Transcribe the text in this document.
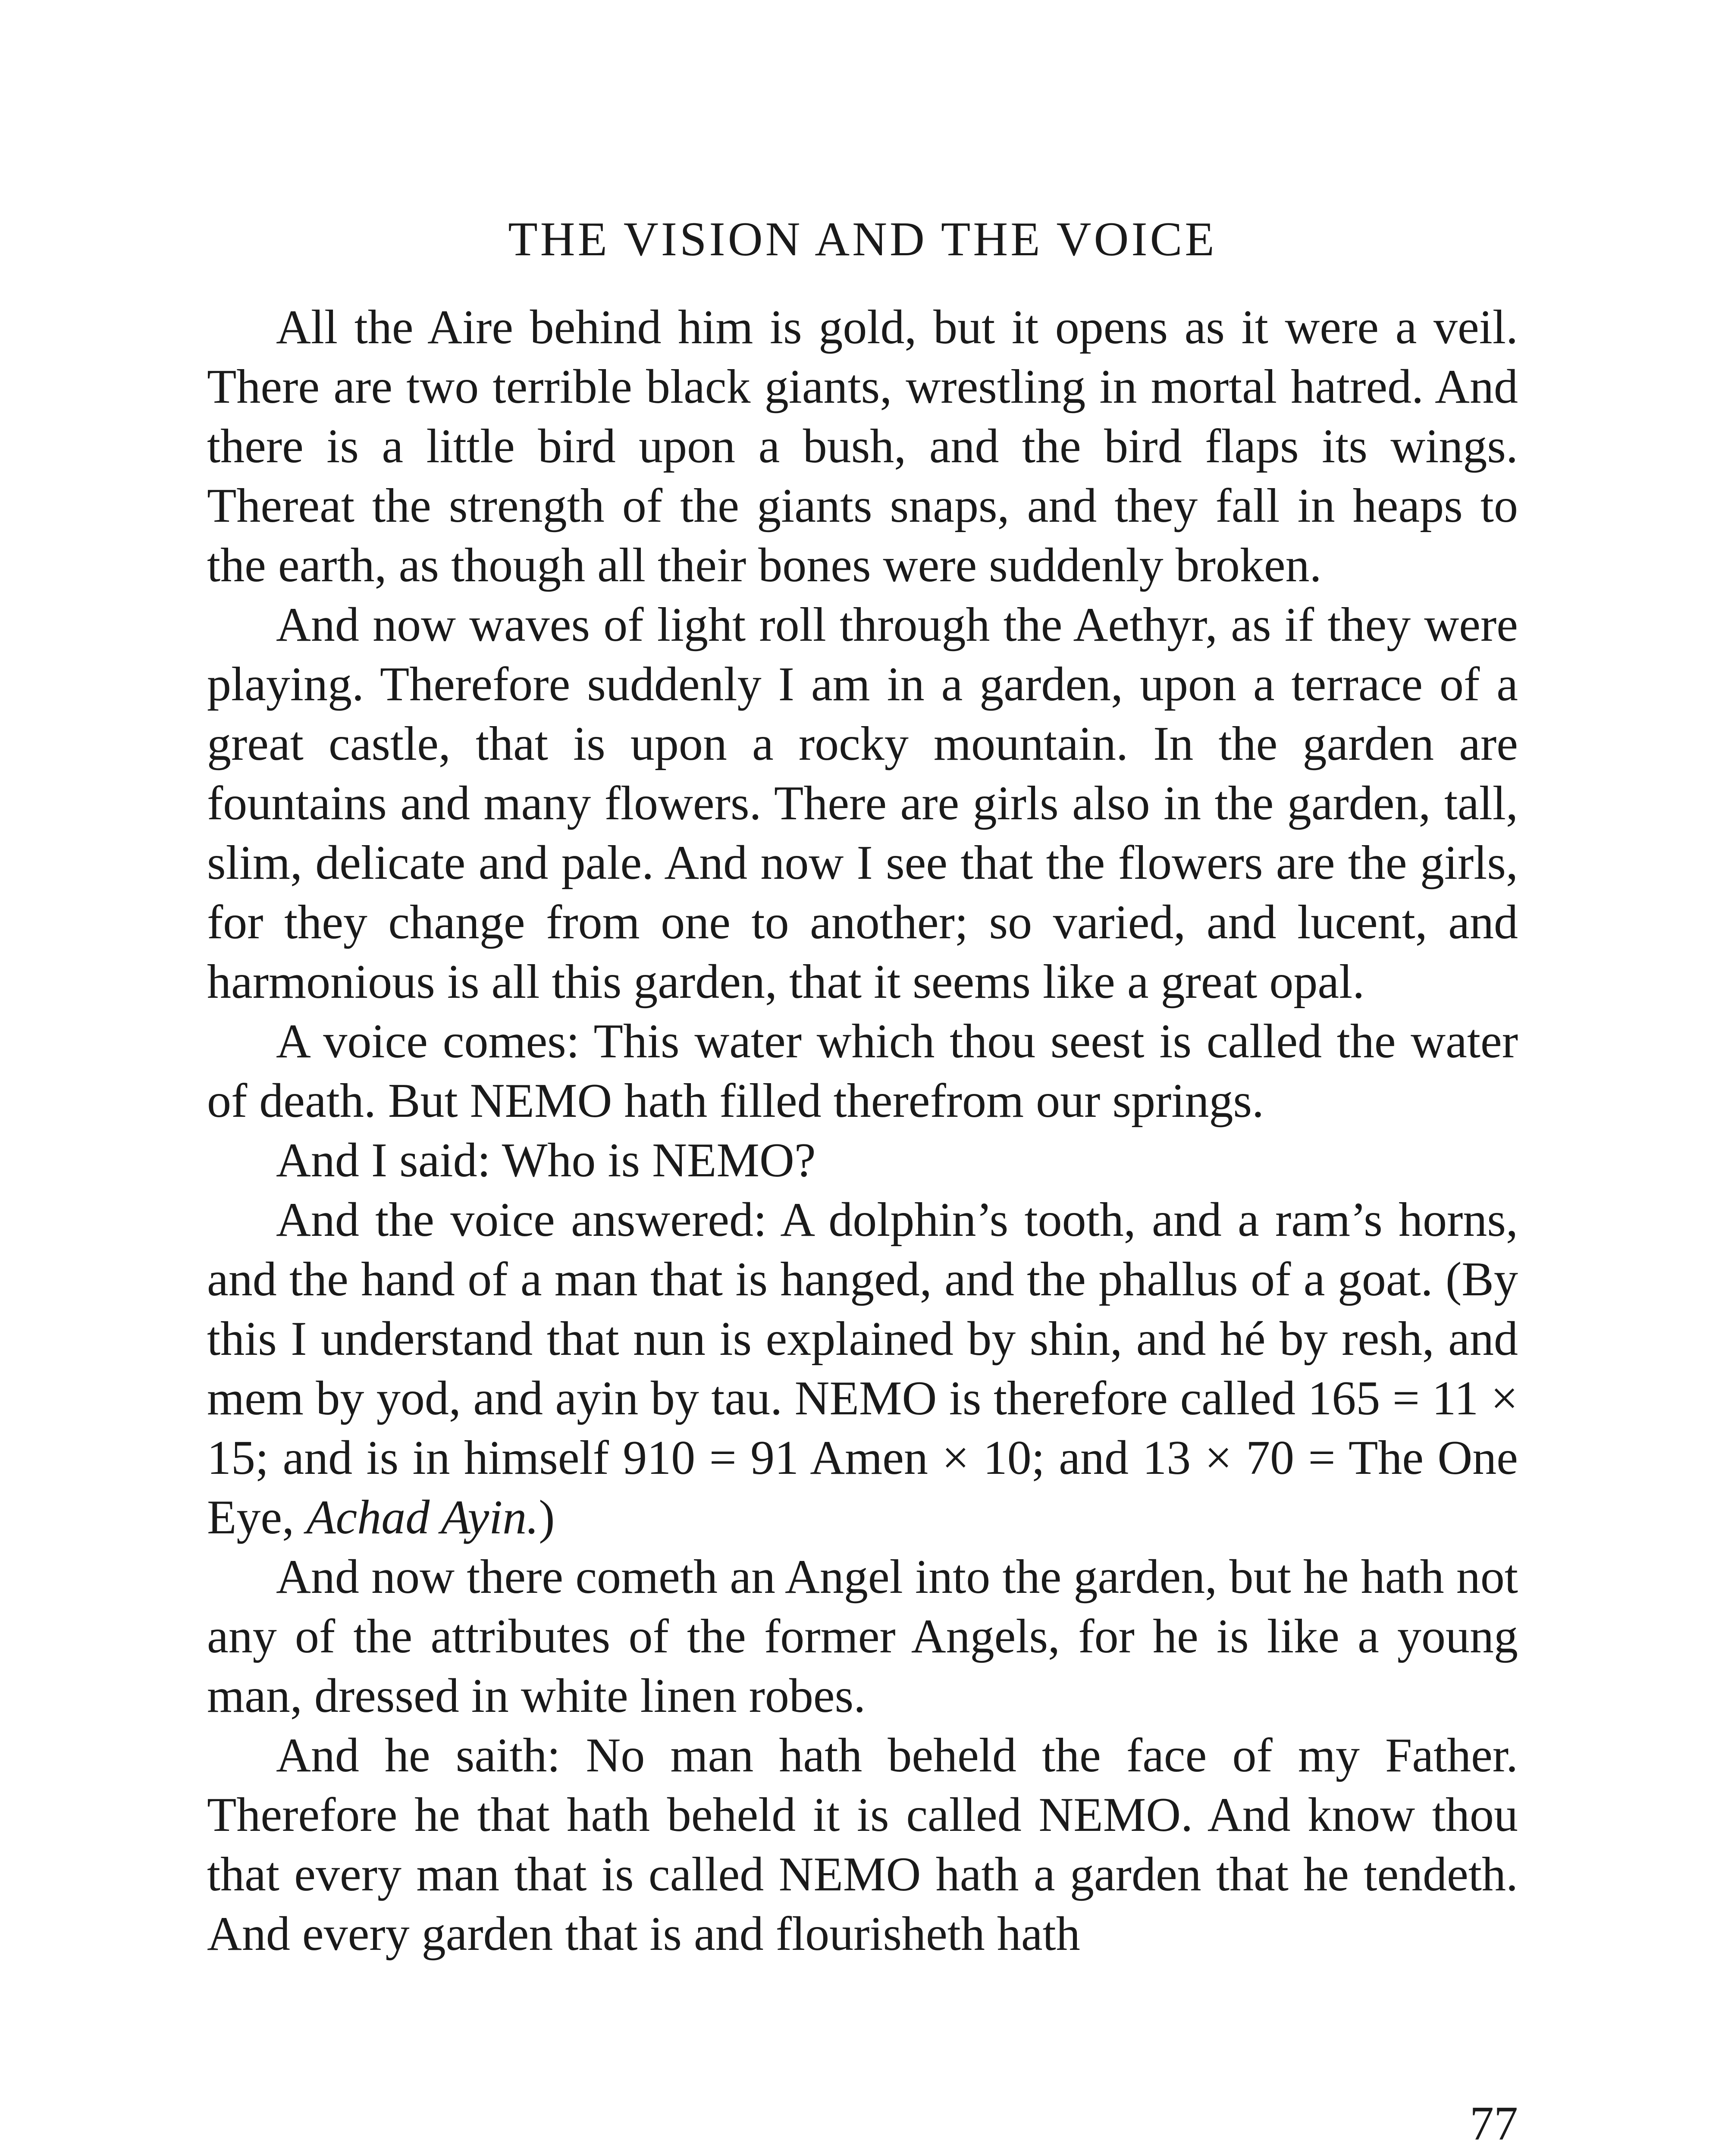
THE VISION AND THE VOICE

All the Aire behind him is gold, but it opens as it were a veil. There are two terrible black giants, wrestling in mortal hatred. And there is a little bird upon a bush, and the bird flaps its wings. Thereat the strength of the giants snaps, and they fall in heaps to the earth, as though all their bones were suddenly broken.

And now waves of light roll through the Aethyr, as if they were playing. Therefore suddenly I am in a garden, upon a terrace of a great castle, that is upon a rocky mountain. In the garden are fountains and many flowers. There are girls also in the garden, tall, slim, delicate and pale. And now I see that the flowers are the girls, for they change from one to another; so varied, and lucent, and harmonious is all this garden, that it seems like a great opal.

A voice comes: This water which thou seest is called the water of death. But NEMO hath filled therefrom our springs.

And I said: Who is NEMO?

And the voice answered: A dolphin’s tooth, and a ram’s horns, and the hand of a man that is hanged, and the phallus of a goat. (By this I understand that nun is explained by shin, and hé by resh, and mem by yod, and ayin by tau. NEMO is therefore called 165 = 11 × 15; and is in himself 910 = 91 Amen × 10; and 13 × 70 = The One Eye, Achad Ayin.)

And now there cometh an Angel into the garden, but he hath not any of the attributes of the former Angels, for he is like a young man, dressed in white linen robes.

And he saith: No man hath beheld the face of my Father. Therefore he that hath beheld it is called NEMO. And know thou that every man that is called NEMO hath a garden that he tendeth. And every garden that is and flourisheth hath

77
